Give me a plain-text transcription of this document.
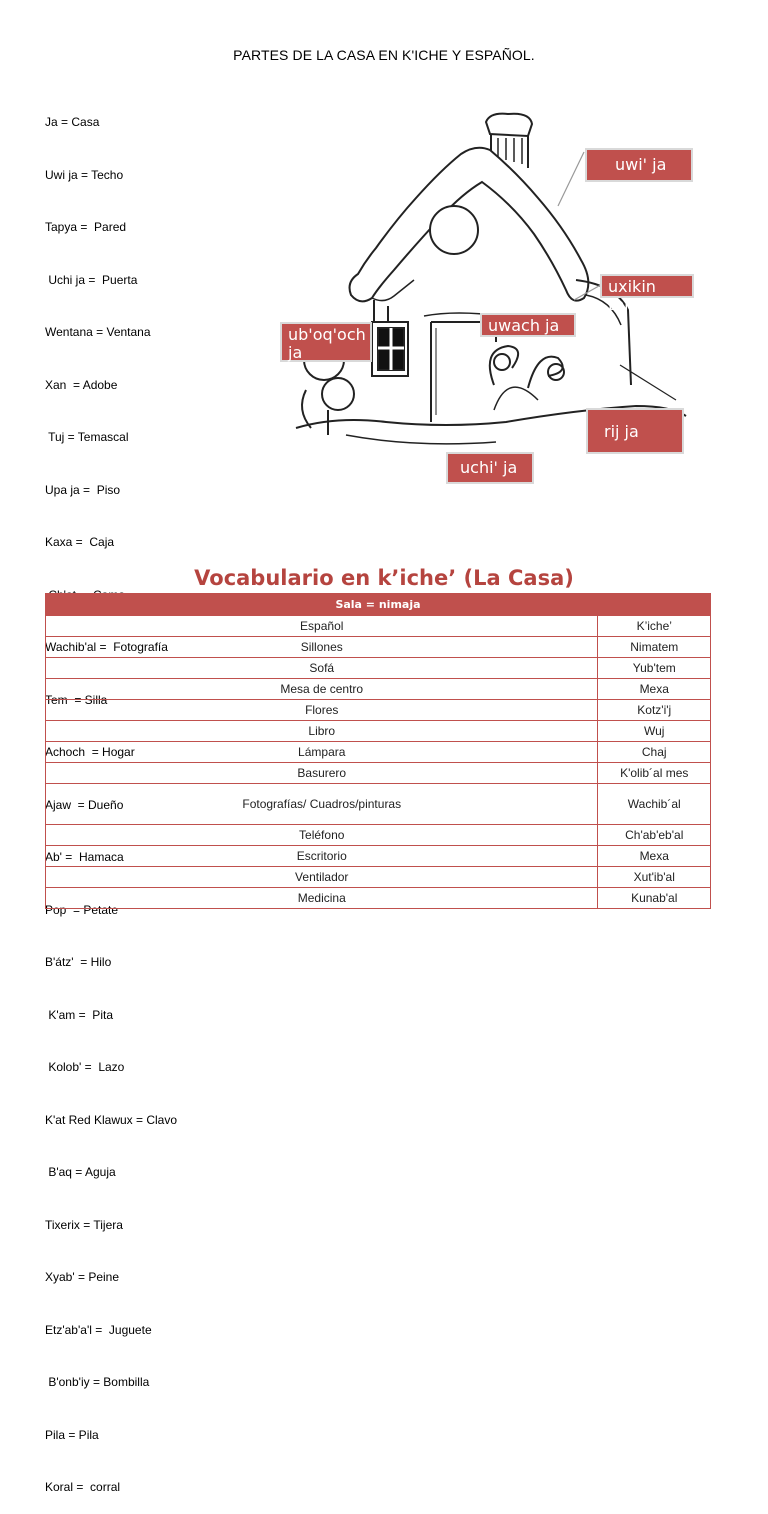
PARTES DE LA CASA EN K'ICHE Y ESPAÑOL.

Ja = Casa

Uwi ja = Techo

Tapya =  Pared

Uchi ja =  Puerta

Wentana = Ventana

Xan  = Adobe

Tuj = Temascal

Upa ja =  Piso

Kaxa =  Caja

Wachib'al =  Fotografía

Tem  = Silla

Achoch  = Hogar

Ajaw  = Dueño

Ab' =  Hamaca

Pop  = Petate

B'átz'  = Hilo

K'am =  Pita

Kolob' =  Lazo

K'at Red Klawux = Clavo

B'aq = Aguja

Tixerix = Tijera

Xyab' = Peine

Etz'ab'a'l =  Juguete

B'onb'iy = Bombilla

Pila = Pila

Koral =  corral

uwi' ja
uxikin tem
ub'oq'och ja
uwach ja
rij ja
uchi' ja
Vocabulario en k’iche’ (La Casa)
Sala = nimaja	
Español	K’iche’
Sillones	Nimatem
Sofá	Yub'tem
Mesa de centro	Mexa
Flores	Kotz'i'j
Libro	Wuj
Lámpara	Chaj
Basurero	K'olib´al mes
Fotografías/ Cuadros/pinturas	Wachib´al
Teléfono	Ch'ab'eb'al
Escritorio	Mexa
Ventilador	Xut'ib'al
Medicina	Kunab'al
